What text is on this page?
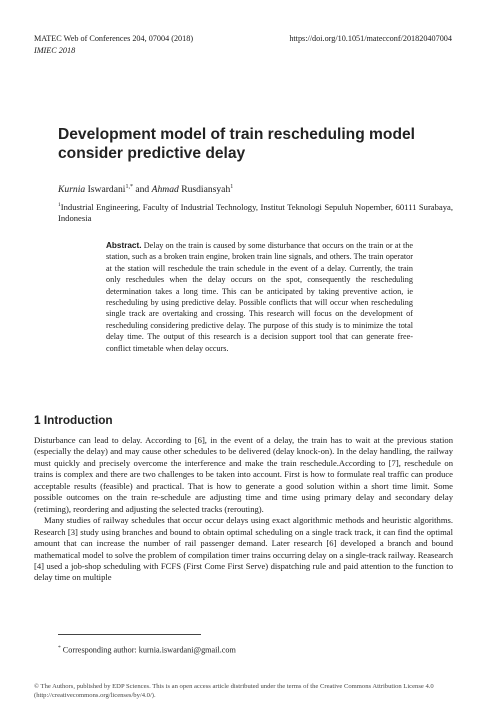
MATEC Web of Conferences 204, 07004 (2018)	https://doi.org/10.1051/matecconf/201820407004
IMIEC 2018
Development model of train rescheduling model consider predictive delay
Kurnia Iswardani$^{1,*}$ and Ahmad Rusdiansyah$^1$
$^1$Industrial Engineering, Faculty of Industrial Technology, Institut Teknologi Sepuluh Nopember, 60111 Surabaya, Indonesia

Abstract. Delay on the train is caused by some disturbance that occurs on the train or at the station, such as a broken train engine, broken train line signals, and others. The train operator at the station will reschedule the train schedule in the event of a delay. Currently, the train only reschedules when the delay occurs on the spot, consequently the rescheduling determination takes a long time. This can be anticipated by taking preventive action, ie rescheduling by using predictive delay. Possible conflicts that will occur when rescheduling single track are overtaking and crossing. This research will focus on the development of rescheduling considering predictive delay. The purpose of this study is to minimize the total delay time. The output of this research is a decision support tool that can generate free-conflict timetable when delay occurs.

1 Introduction

Disturbance can lead to delay. According to [6], in the event of a delay, the train has to wait at the previous station (especially the delay) and may cause other schedules to be delivered (delay knock-on). In the delay handling, the railway must quickly and precisely overcome the interference and make the train reschedule.According to [7], reschedule on trains is complex and there are two challenges to be taken into account. First is how to formulate real traffic can produce acceptable results (feasible) and practical. That is how to generate a good solution within a short time limit. Some possible outcomes on the train re-schedule are adjusting time and time using primary delay and secondary delay (retiming), reordering and adjusting the selected tracks (rerouting).

Many studies of railway schedules that occur occur delays using exact algorithmic methods and heuristic algorithms. Research [3] study using branches and bound to obtain optimal scheduling on a single track track, it can find the optimal amount that can increase the number of rail passenger demand. Later research [6] developed a branch and bound mathematical model to solve the problem of compilation timer trains occurring delay on a single-track railway. Reasearch [4] used a job-shop scheduling with FCFS (First Come First Serve) dispatching rule and paid attention to the function to delay time on multiple

* Corresponding author: kurnia.iswardani@gmail.com
© The Authors, published by EDP Sciences. This is an open access article distributed under the terms of the Creative Commons Attribution License 4.0 (http://creativecommons.org/licenses/by/4.0/).
